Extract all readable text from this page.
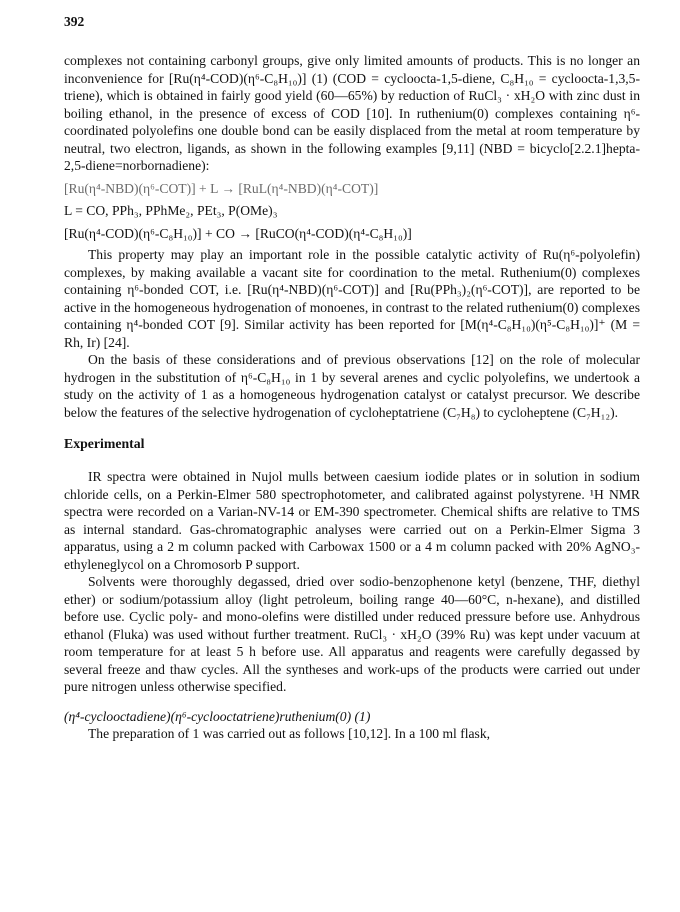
392

complexes not containing carbonyl groups, give only limited amounts of products. This is no longer an inconvenience for [Ru(η⁴-COD)(η⁶-C₈H₁₀)] (1) (COD = cycloocta-1,5-diene, C₈H₁₀ = cycloocta-1,3,5-triene), which is obtained in fairly good yield (60—65%) by reduction of RuCl₃ · xH₂O with zinc dust in boiling ethanol, in the presence of excess of COD [10]. In ruthenium(0) complexes containing η⁶-coordinated polyolefins one double bond can be easily displaced from the metal at room temperature by neutral, two electron, ligands, as shown in the following examples [9,11] (NBD = bicyclo[2.2.1]hepta-2,5-diene=norbornadiene):

[Ru(η⁴-NBD)(η⁶-COT)] + L → [RuL(η⁴-NBD)(η⁴-COT)]
L = CO, PPh₃, PPhMe₂, PEt₃, P(OMe)₃
[Ru(η⁴-COD)(η⁶-C₈H₁₀)] + CO → [RuCO(η⁴-COD)(η⁴-C₈H₁₀)]

This property may play an important role in the possible catalytic activity of Ru(η⁶-polyolefin) complexes, by making available a vacant site for coordination to the metal. Ruthenium(0) complexes containing η⁶-bonded COT, i.e. [Ru(η⁴-NBD)(η⁶-COT)] and [Ru(PPh₃)₂(η⁶-COT)], are reported to be active in the homogeneous hydrogenation of monoenes, in contrast to the related ruthenium(0) complexes containing η⁴-bonded COT [9]. Similar activity has been reported for [M(η⁴-C₈H₁₀)(η⁵-C₈H₁₀)]⁺ (M = Rh, Ir) [24].

On the basis of these considerations and of previous observations [12] on the role of molecular hydrogen in the substitution of η⁶-C₈H₁₀ in 1 by several arenes and cyclic polyolefins, we undertook a study on the activity of 1 as a homogeneous hydrogenation catalyst or catalyst precursor. We describe below the features of the selective hydrogenation of cycloheptatriene (C₇H₈) to cycloheptene (C₇H₁₂).

Experimental

IR spectra were obtained in Nujol mulls between caesium iodide plates or in solution in sodium chloride cells, on a Perkin-Elmer 580 spectrophotometer, and calibrated against polystyrene. ¹H NMR spectra were recorded on a Varian-NV-14 or EM-390 spectrometer. Chemical shifts are relative to TMS as internal standard. Gas-chromatographic analyses were carried out on a Perkin-Elmer Sigma 3 apparatus, using a 2 m column packed with Carbowax 1500 or a 4 m column packed with 20% AgNO₃-ethyleneglycol on a Chromosorb P support.

Solvents were thoroughly degassed, dried over sodio-benzophenone ketyl (benzene, THF, diethyl ether) or sodium/potassium alloy (light petroleum, boiling range 40—60°C, n-hexane), and distilled before use. Cyclic poly- and mono-olefins were distilled under reduced pressure before use. Anhydrous ethanol (Fluka) was used without further treatment. RuCl₃ · xH₂O (39% Ru) was kept under vacuum at room temperature for at least 5 h before use. All apparatus and reagents were carefully degassed by several freeze and thaw cycles. All the syntheses and work-ups of the products were carried out under pure nitrogen unless otherwise specified.

(η⁴-cyclooctadiene)(η⁶-cyclooctatriene)ruthenium(0) (1)

The preparation of 1 was carried out as follows [10,12]. In a 100 ml flask,
